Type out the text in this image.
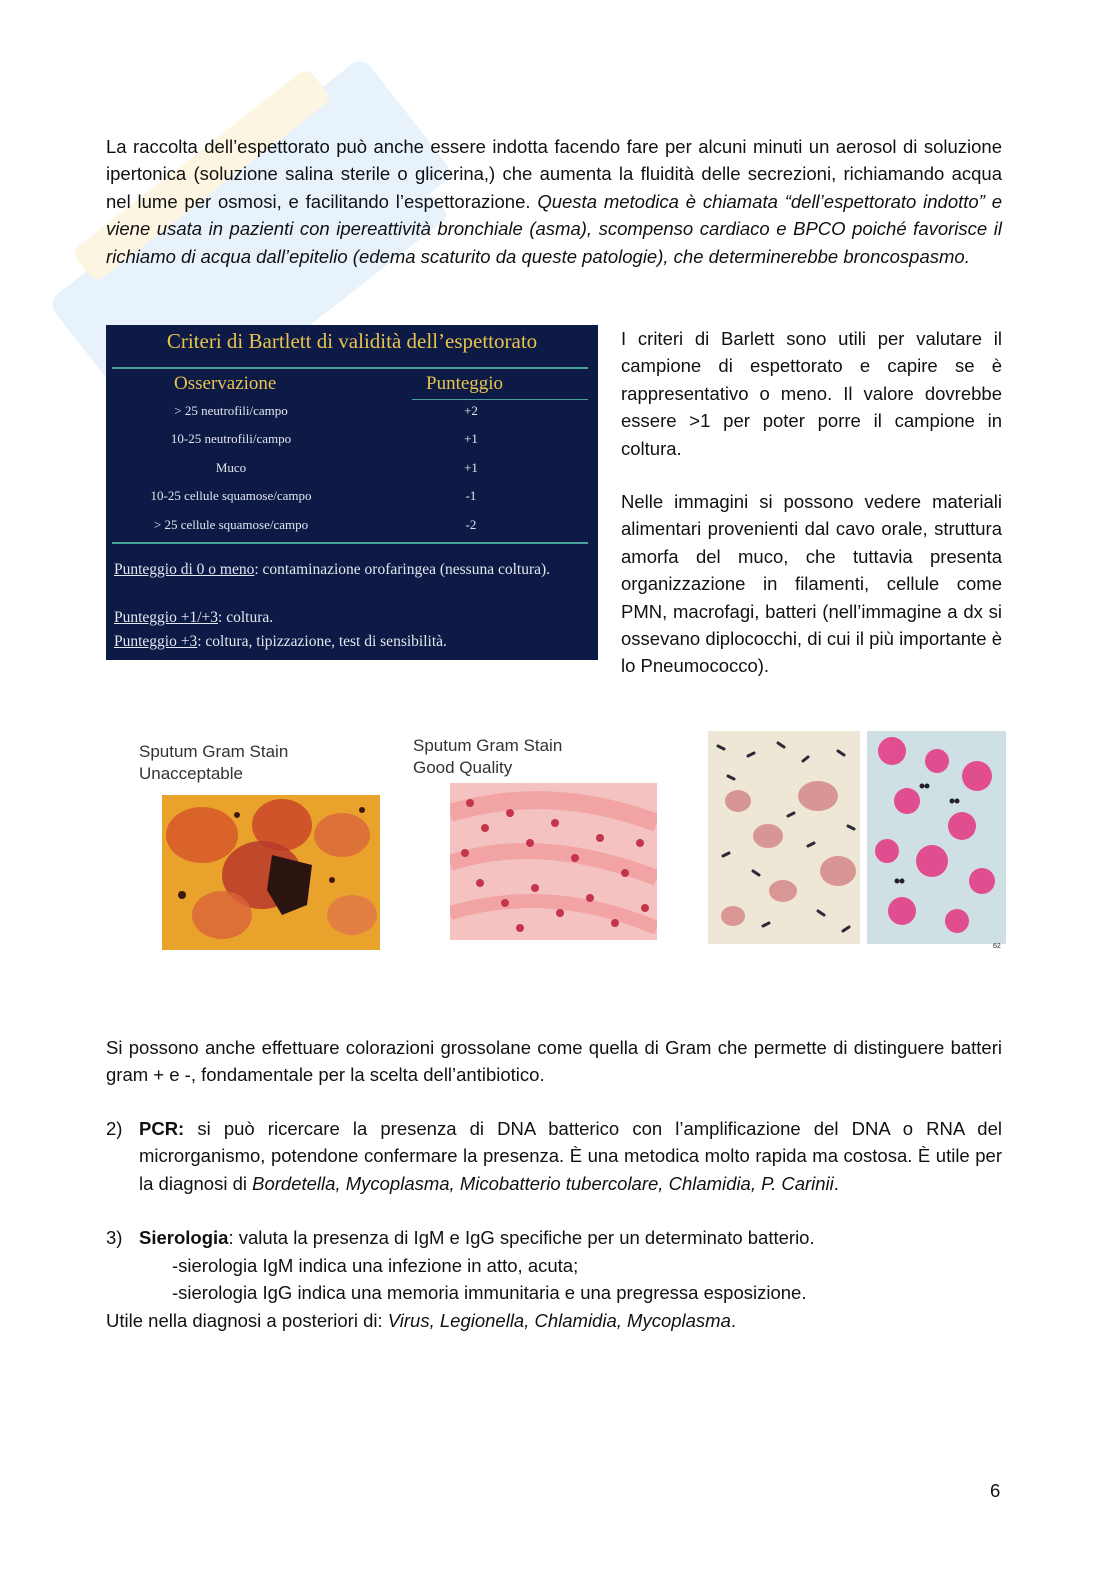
La raccolta dell’espettorato può anche essere indotta facendo fare per alcuni minuti un aerosol di soluzione ipertonica (soluzione salina sterile o glicerina,) che aumenta la fluidità delle secrezioni, richiamando acqua nel lume per osmosi, e facilitando l’espettorazione. Questa metodica è chiamata “dell’espettorato indotto” e viene usata in pazienti con ipereattività bronchiale (asma), scompenso cardiaco e BPCO poiché favorisce il richiamo di acqua dall’epitelio (edema scaturito da queste patologie), che determinerebbe broncospasmo.
Criteri di Bartlett di validità dell’espettorato
Osservazione	Punteggio
> 25 neutrofili/campo	+2
10-25 neutrofili/campo	+1
Muco	+1
10-25 cellule squamose/campo	-1
> 25 cellule squamose/campo	-2
Punteggio di 0 o meno: contaminazione orofaringea (nessuna coltura).
Punteggio +1/+3: coltura.
Punteggio +3: coltura, tipizzazione, test di sensibilità.
I criteri di Barlett sono utili per valutare il campione di espettorato e capire se è rappresentativo o meno. Il valore dovrebbe essere >1 per poter porre il campione in coltura.
Nelle immagini si possono vedere materiali alimentari provenienti dal cavo orale, struttura amorfa del muco, che tuttavia presenta organizzazione in filamenti, cellule come PMN, macrofagi, batteri (nell’immagine a dx si ossevano diplococchi, di cui il più importante è lo Pneumococco).
Sputum Gram Stain
Unacceptable
Sputum Gram Stain
Good Quality
62
Si possono anche effettuare colorazioni grossolane come quella di Gram che permette di distinguere batteri gram + e -, fondamentale per la scelta dell’antibiotico.
2) PCR: si può ricercare la presenza di DNA batterico con l’amplificazione del DNA o RNA del microrganismo, potendone confermare la presenza. È una metodica molto rapida ma costosa. È utile per la diagnosi di Bordetella, Mycoplasma, Micobatterio tubercolare, Chlamidia, P. Carinii.
3) Sierologia: valuta la presenza di IgM e IgG specifiche per un determinato batterio.
-sierologia IgM indica una infezione in atto, acuta;
-sierologia IgG indica una memoria immunitaria e una pregressa esposizione.
Utile nella diagnosi a posteriori di: Virus, Legionella, Chlamidia, Mycoplasma.
6
